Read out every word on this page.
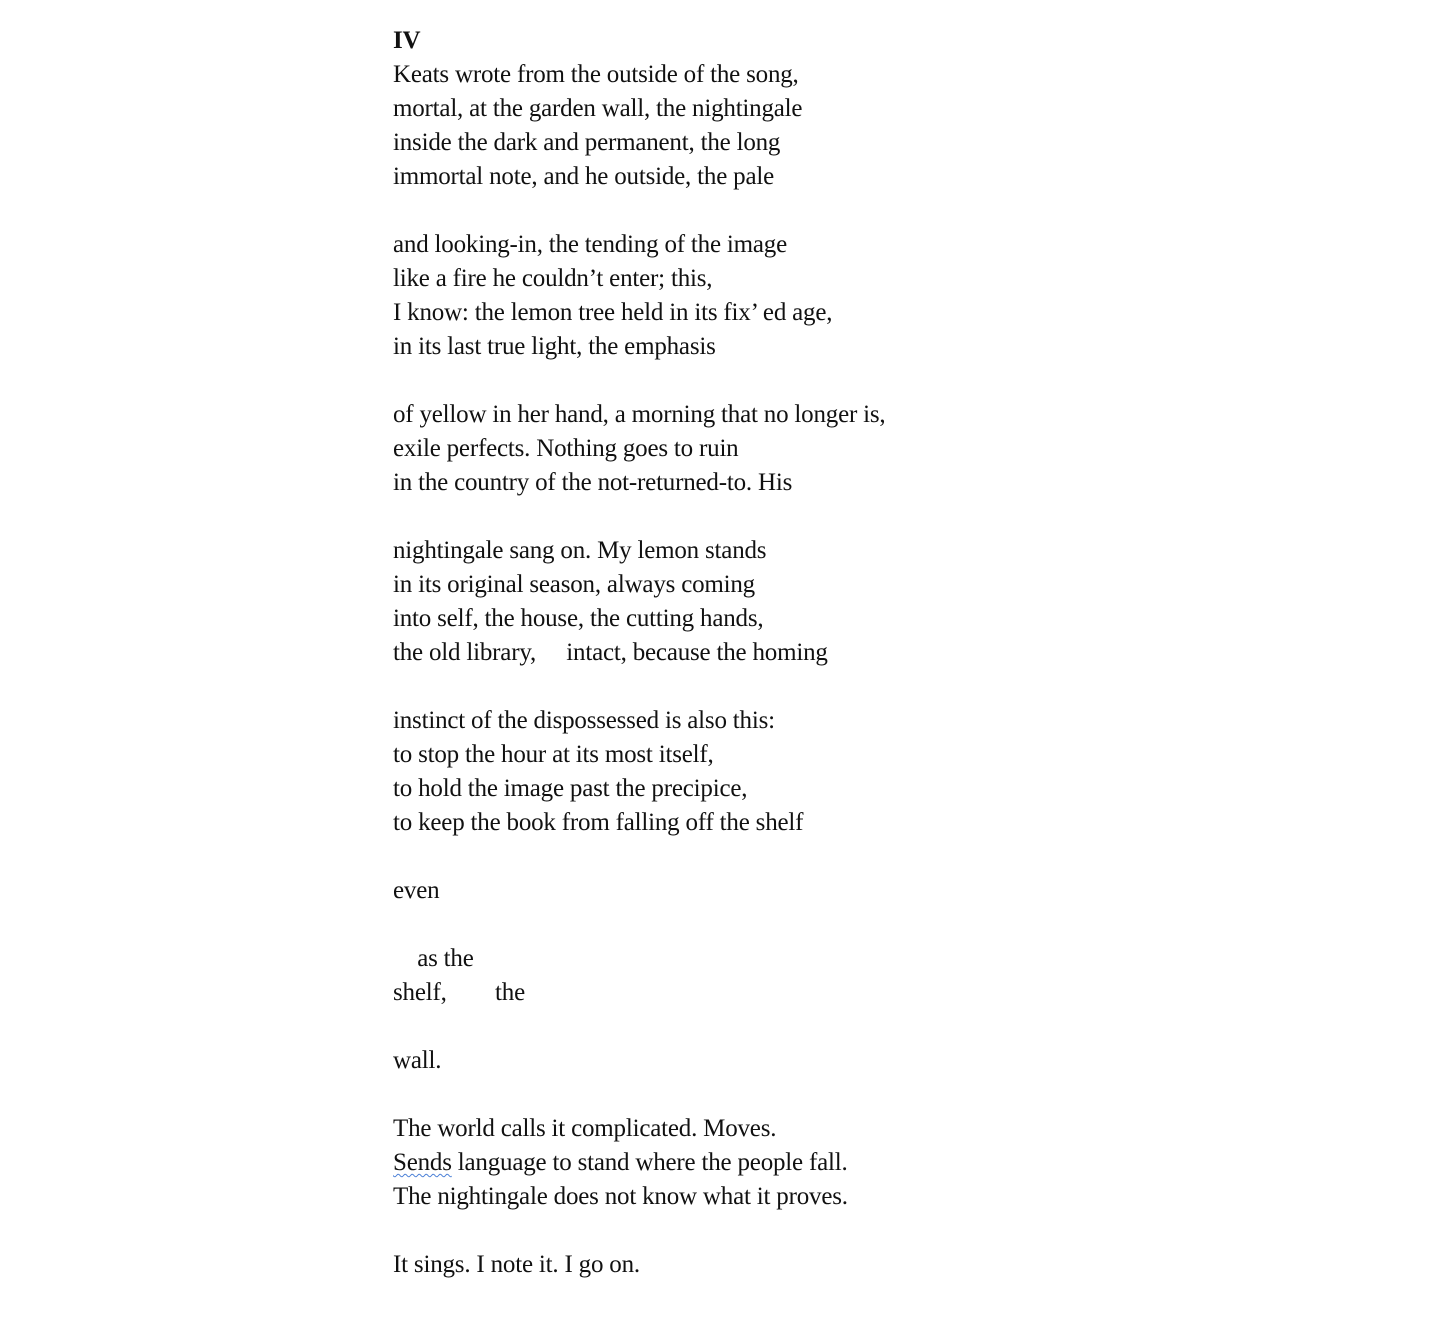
IV
Keats wrote from the outside of the song,
mortal, at the garden wall, the nightingale
inside the dark and permanent, the long
immortal note, and he outside, the pale
and looking-in, the tending of the image
like a fire he couldn’t enter; this,
I know: the lemon tree held in its fix’ ed age,
in its last true light, the emphasis
of yellow in her hand, a morning that no longer is,
exile perfects. Nothing goes to ruin
in the country of the not-returned-to. His
nightingale sang on. My lemon stands
in its original season, always coming
into self, the house, the cutting hands,
the old library,     intact, because the homing
instinct of the dispossessed is also this:
to stop the hour at its most itself,
to hold the image past the precipice,
to keep the book from falling off the shelf
even
as the
shelf,        the
wall.
The world calls it complicated. Moves.
Sends language to stand where the people fall.
The nightingale does not know what it proves.
It sings. I note it. I go on.
